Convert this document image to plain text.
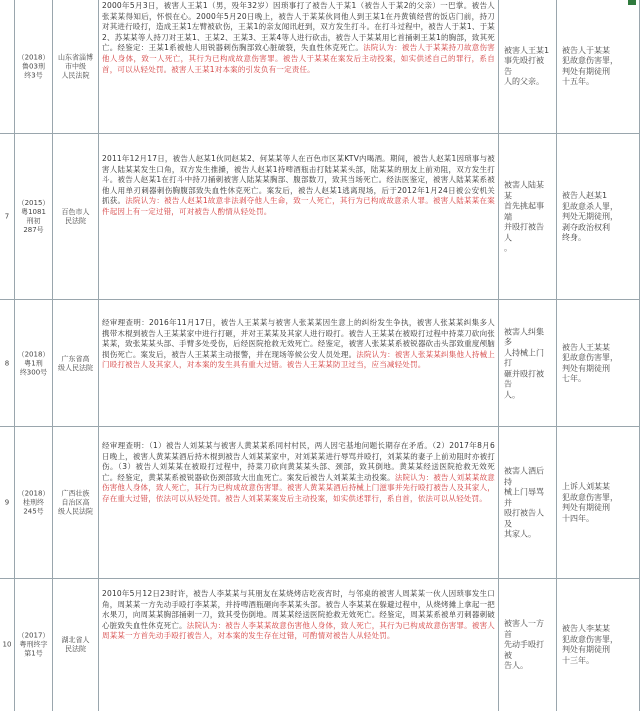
（2018）
鲁03刑
终3号
山东省淄博
市中级
人民法院
2000年5月3日，被害人王某1（男，殁年32岁）因琐事打了被告人于某1（被告人于某2的父亲）一巴掌。被告人张某某得知后，怀恨在心。2000年5月20日晚上，被告人于某某伙同他人到王某1在丹黄镇经营的饭店门前，持刀对其进行殴打，造成王某1左臂被砍伤，王某1的亲友闻讯赶到，双方发生打斗。在打斗过程中，被告人于某1、于某2、苏某某等人持刀对王某1、王某2、王某3、王某4等人进行砍击，被告人于某某用匕首捅刺王某1的胸部，致其死亡。经鉴定：王某1系被他人用锐器刺伤胸部致心脏破裂，失血性休克死亡。法院认为：被告人于某某持刀故意伤害他人身体，致一人死亡，其行为已构成故意伤害罪。被告人于某某在案发后主动投案，如实供述自己的罪行，系自首，可以从轻处罚。被害人王某1对本案的引发负有一定责任。
被害人王某1
事先殴打被告
人的父亲。
被告人于某某
犯故意伤害罪，
判处有期徒刑
十五年。
7
（2015）
粤1081
刑初
287号
百色市人
民法院
2011年12月17日，被告人赵某1伙同赵某2、何某某等人在百色市区某KTV内喝酒。期间，被告人赵某1因琐事与被害人陆某某发生口角，双方发生推搡，被告人赵某1持啤酒瓶击打陆某某头部，陆某某的朋友上前劝阻，双方发生打斗。被告人赵某1在打斗中持刀捅刺被害人陆某某胸部、腹部数刀，致其当场死亡。经法医鉴定，被害人陆某某系被他人用单刃刺器刺伤胸腹部致失血性休克死亡。案发后，被告人赵某1逃离现场，后于2012年1月24日被公安机关抓获。法院认为：被告人赵某1故意非法剥夺他人生命，致一人死亡，其行为已构成故意杀人罪。被害人陆某某在案件起因上有一定过错，可对被告人酌情从轻处罚。
被害人陆某某
首先挑起事端
并殴打被告人
。
被告人赵某1
犯故意杀人罪，
判处无期徒刑，
剥夺政治权利
终身。
8
（2018）
粤1刑
终300号
广东省高
级人民法院
经审理查明：2016年11月17日，被告人王某某与被害人张某某因生意上的纠纷发生争执，被害人张某某纠集多人携带木棍到被告人王某某家中进行打砸，并对王某某及其家人进行殴打。被告人王某某在被殴打过程中持菜刀砍向张某某，致张某某头部、手臂多处受伤，后经医院抢救无效死亡。经鉴定，被害人张某某系被锐器砍击头部致重度颅脑损伤死亡。案发后，被告人王某某主动报警，并在现场等候公安人员处理。法院认为：被害人张某某纠集他人持械上门殴打被告人及其家人，对本案的发生具有重大过错。被告人王某某防卫过当，应当减轻处罚。
被害人纠集多
人持械上门打
砸并殴打被告
人。
被告人王某某
犯故意伤害罪，
判处有期徒刑
七年。
9
（2018）
桂刑终
245号
广西壮族
自治区高
级人民法院
经审理查明：（1）被告人刘某某与被害人黄某某系同村村民，两人因宅基地问题长期存在矛盾。（2）2017年8月6日晚上，被害人黄某某酒后持木棍到被告人刘某某家中，对刘某某进行辱骂并殴打，刘某某的妻子上前劝阻时亦被打伤。（3）被告人刘某某在被殴打过程中，持菜刀砍向黄某某头部、颈部，致其倒地。黄某某经送医院抢救无效死亡。经鉴定，黄某某系被锐器砍伤颈部致大出血死亡。案发后被告人刘某某主动投案。法院认为：被告人刘某某故意伤害他人身体，致人死亡，其行为已构成故意伤害罪。被害人黄某某酒后持械上门滋事并先行殴打被告人及其家人，存在重大过错，依法可以从轻处罚。被告人刘某某案发后主动投案，如实供述罪行，系自首，依法可以从轻处罚。
被害人酒后持
械上门辱骂并
殴打被告人及
其家人。
上诉人刘某某
犯故意伤害罪，
判处有期徒刑
十四年。
10
（2017）
粤刑终字
第1号
湖北省人
民法院
2010年5月12日23时许，被告人李某某与其朋友在某烧烤店吃夜宵时，与邻桌的被害人周某某一伙人因琐事发生口角，周某某一方先动手殴打李某某，并持啤酒瓶砸向李某某头部。被告人李某某在躲避过程中，从烧烤摊上拿起一把水果刀，向周某某胸部捅刺一刀，致其受伤倒地。周某某经送医院抢救无效死亡。经鉴定，周某某系被单刃刺器刺破心脏致失血性休克死亡。法院认为：被告人李某某故意伤害他人身体，致人死亡，其行为已构成故意伤害罪。被害人周某某一方首先动手殴打被告人，对本案的发生存在过错，可酌情对被告人从轻处罚。
被害人一方首
先动手殴打被
告人。
被告人李某某
犯故意伤害罪，
判处有期徒刑
十三年。
